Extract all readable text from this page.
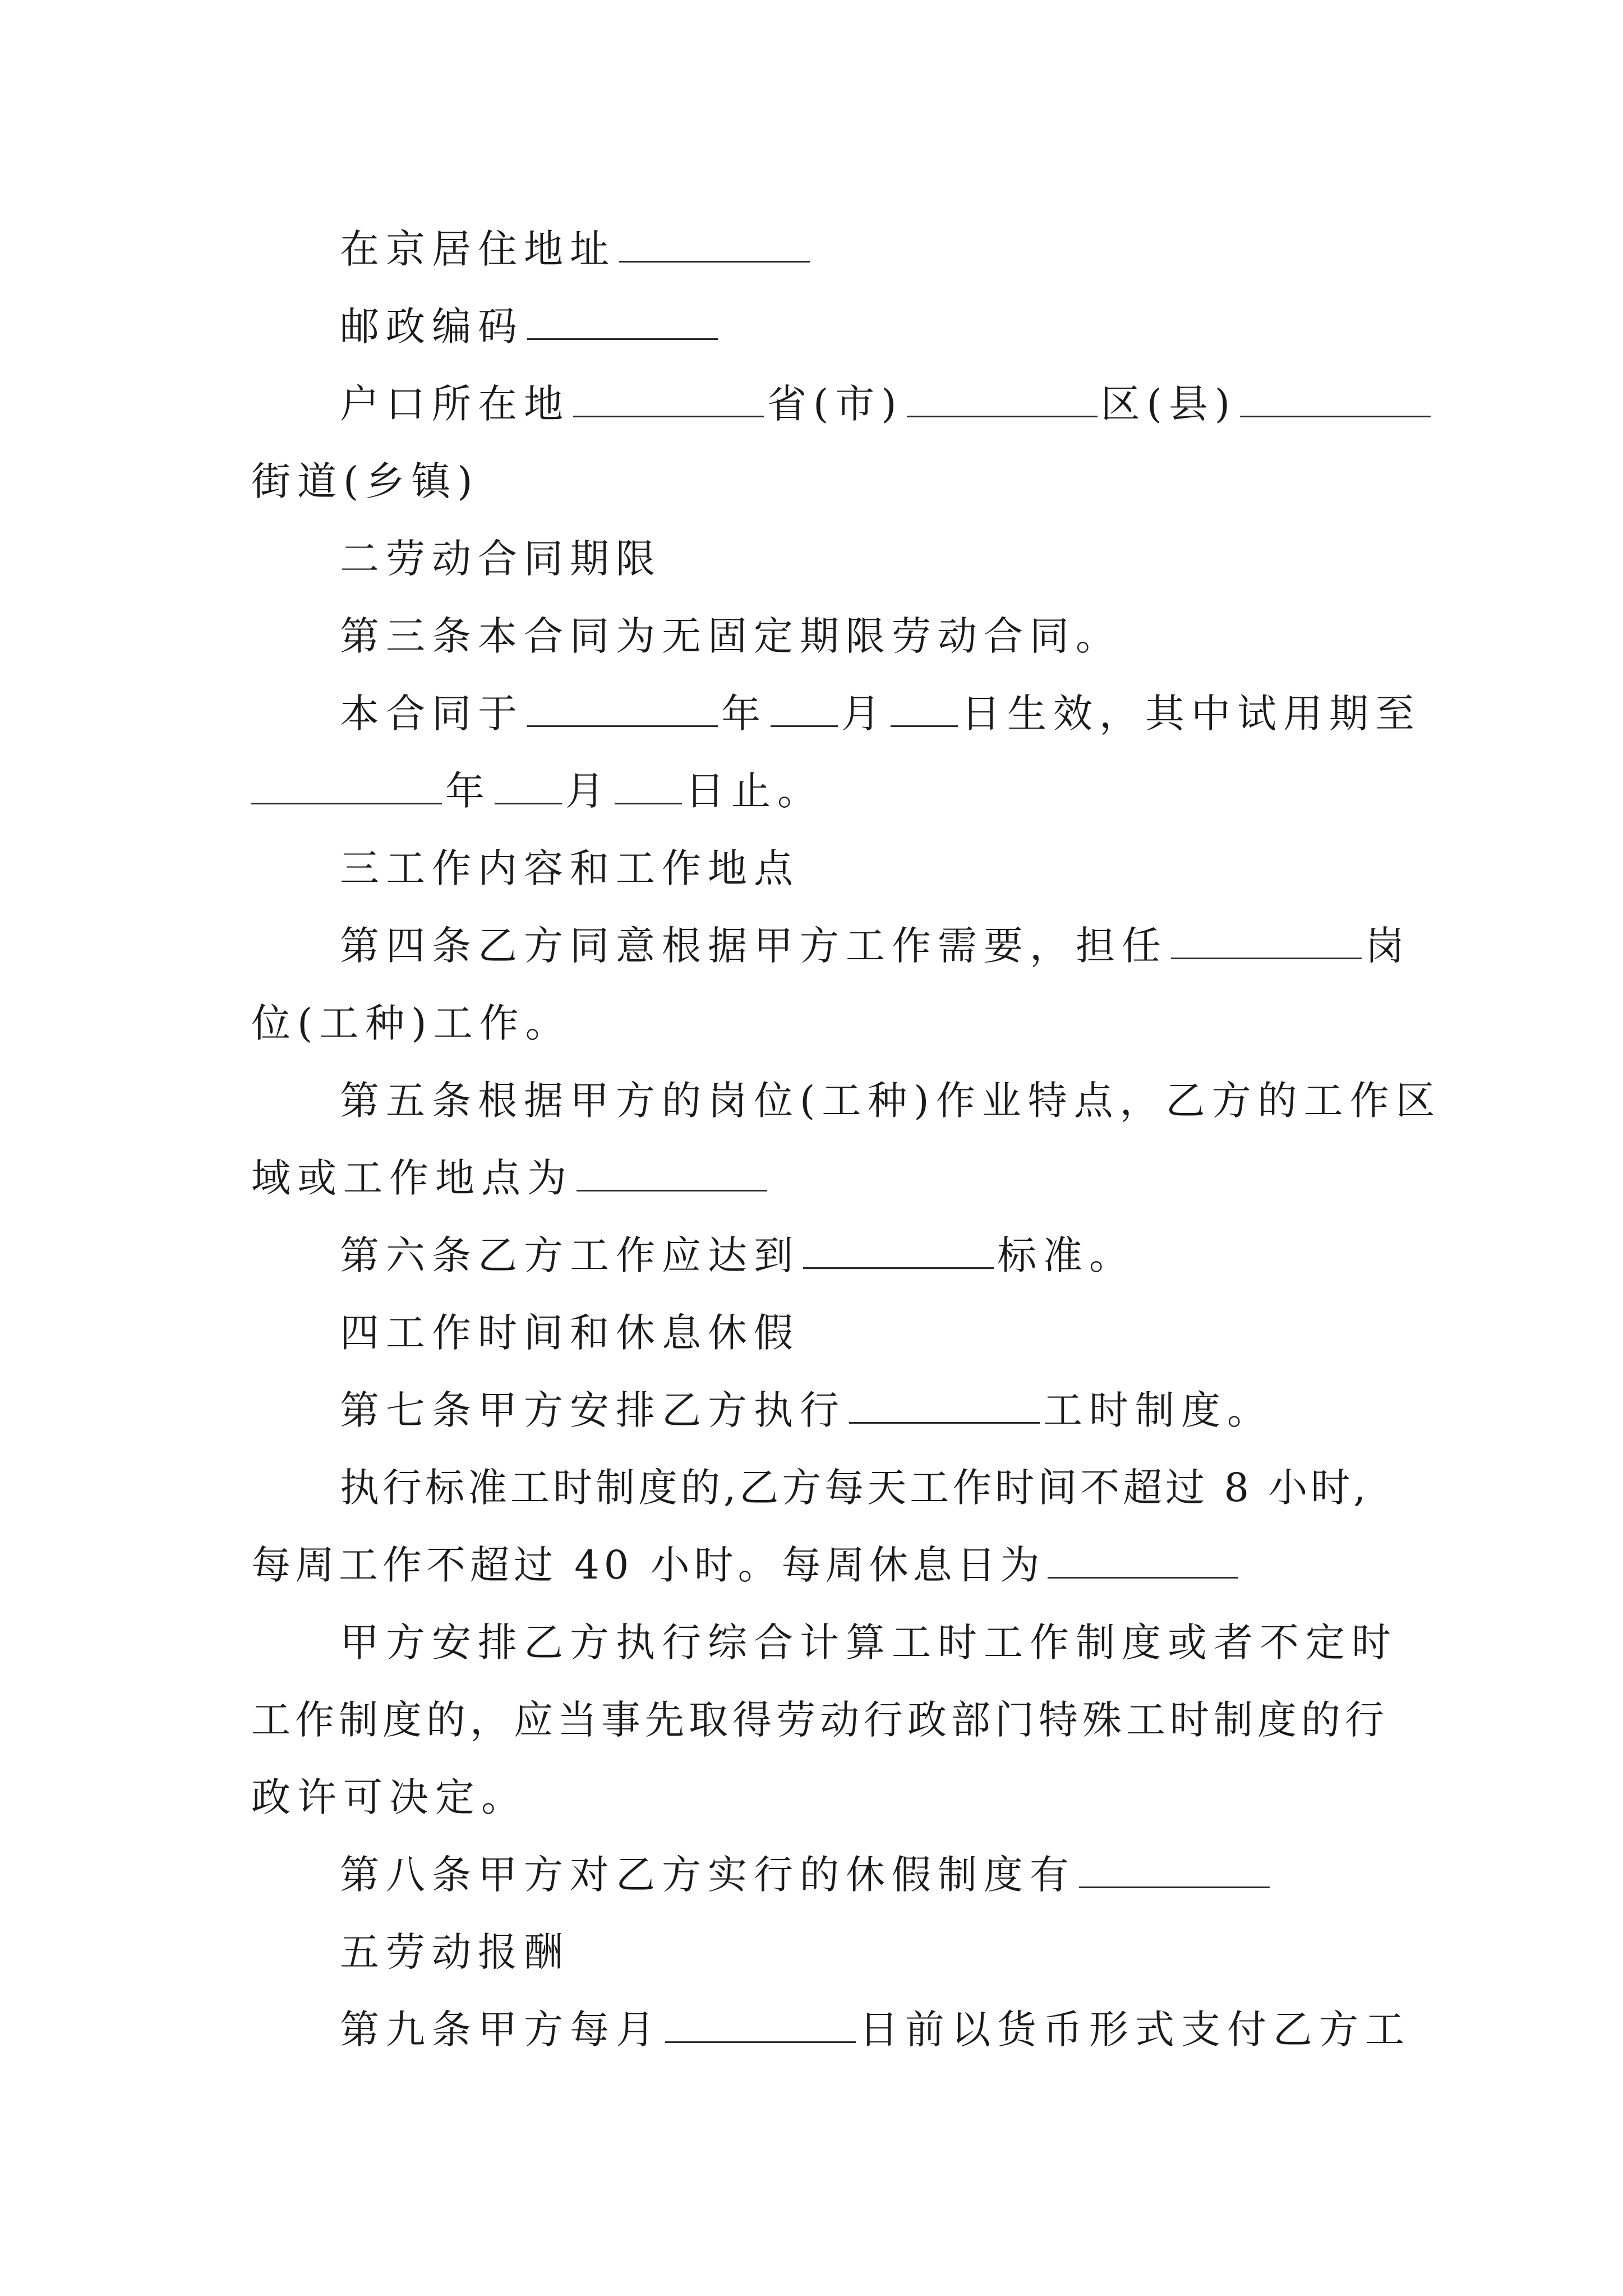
在京居住地址

邮政编码

户口所在地	省(市)	区(县)

街道(乡镇)

二劳动合同期限

第三条本合同为无固定期限劳动合同。

本合同于	年 月 日生效，其中试用期至

年 月 日止。

三工作内容和工作地点

第四条乙方同意根据甲方工作需要，担任	岗

位(工种)工作。

第五条根据甲方的岗位(工种)作业特点，乙方的工作区

域或工作地点为

第六条乙方工作应达到	标准。

四工作时间和休息休假

第七条甲方安排乙方执行	工时制度。

执行标准工时制度的,乙方每天工作时间不超过 8 小时,

每周工作不超过 40 小时。每周休息日为

甲方安排乙方执行综合计算工时工作制度或者不定时

工作制度的，应当事先取得劳动行政部门特殊工时制度的行

政许可决定。

第八条甲方对乙方实行的休假制度有

五劳动报酬

第九条甲方每月	日前以货币形式支付乙方工
